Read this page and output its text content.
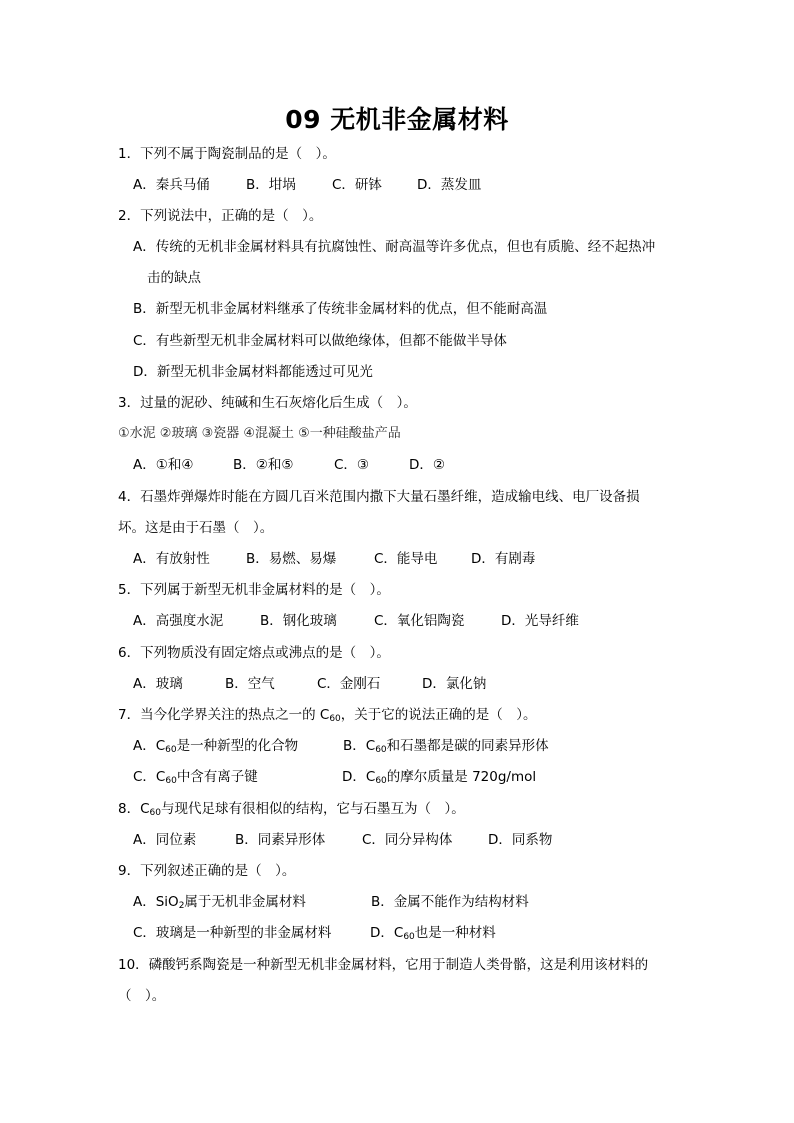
09 无机非金属材料
1．下列不属于陶瓷制品的是（　）。
A．秦兵马俑	B．坩埚	C．研钵	D．蒸发皿
2．下列说法中，正确的是（　）。
A．传统的无机非金属材料具有抗腐蚀性、耐高温等许多优点，但也有质脆、经不起热冲
击的缺点
B．新型无机非金属材料继承了传统非金属材料的优点，但不能耐高温
C．有些新型无机非金属材料可以做绝缘体，但都不能做半导体
D．新型无机非金属材料都能透过可见光
3．过量的泥砂、纯碱和生石灰熔化后生成（　）。
①水泥 ②玻璃 ③瓷器 ④混凝土 ⑤一种硅酸盐产品
A．①和④	B．②和⑤	C．③	D．②
4．石墨炸弹爆炸时能在方圆几百米范围内撒下大量石墨纤维，造成输电线、电厂设备损
坏。这是由于石墨（　）。
A．有放射性	B．易燃、易爆	C．能导电 D．有剧毒
5．下列属于新型无机非金属材料的是（　）。
A．高强度水泥	B．钢化玻璃	C．氧化铝陶瓷	D．光导纤维
6．下列物质没有固定熔点或沸点的是（　）。
A．玻璃	B．空气	C．金刚石	D．氯化钠
7．当今化学界关注的热点之一的 $C_{60}$，关于它的说法正确的是（　）。
A．$C_{60}$是一种新型的化合物	B．$C_{60}$和石墨都是碳的同素异形体
C．$C_{60}$中含有离子键	D．$C_{60}$的摩尔质量是 720g/mol
8．$C_{60}$与现代足球有很相似的结构，它与石墨互为（　）。
A．同位素	B．同素异形体	C．同分异构体	D．同系物
9．下列叙述正确的是（　）。
A．SiO$_2$属于无机非金属材料	B．金属不能作为结构材料
C．玻璃是一种新型的非金属材料	D．$C_{60}$也是一种材料
10．磷酸钙系陶瓷是一种新型无机非金属材料，它用于制造人类骨骼，这是利用该材料的
（　）。
